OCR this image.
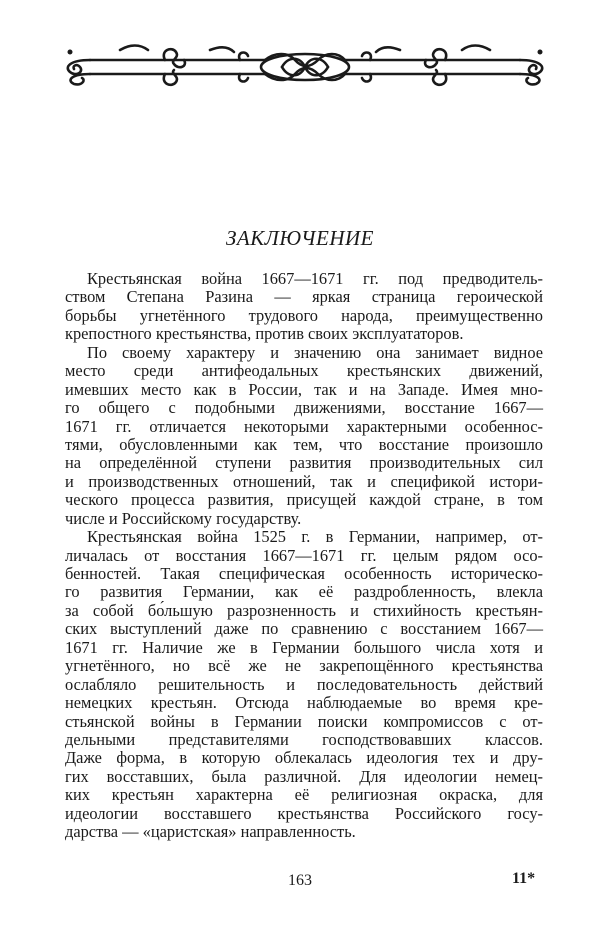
ЗАКЛЮЧЕНИЕ

Крестьянская война 1667—1671 гг. под предводитель-
ством Степана Разина — яркая страница героической
борьбы угнетённого трудового народа, преимущественно
крепостного крестьянства, против своих эксплуататоров.

По своему характеру и значению она занимает видное
место среди антифеодальных крестьянских движений,
имевших место как в России, так и на Западе. Имея мно-
го общего с подобными движениями, восстание 1667—
1671 гг. отличается некоторыми характерными особеннос-
тями, обусловленными как тем, что восстание произошло
на определённой ступени развития производительных сил
и производственных отношений, так и спецификой истори-
ческого процесса развития, присущей каждой стране, в том
числе и Российскому государству.

Крестьянская война 1525 г. в Германии, например, от-
личалась от восстания 1667—1671 гг. целым рядом осо-
бенностей. Такая специфическая особенность историческо-
го развития Германии, как её раздробленность, влекла
за собой бо́льшую разрозненность и стихийность крестьян-
ских выступлений даже по сравнению с восстанием 1667—
1671 гг. Наличие же в Германии большого числа хотя и
угнетённого, но всё же не закрепощённого крестьянства
ослабляло решительность и последовательность действий
немецких крестьян. Отсюда наблюдаемые во время кре-
стьянской войны в Германии поиски компромиссов с от-
дельными представителями господствовавших классов.
Даже форма, в которую облекалась идеология тех и дру-
гих восставших, была различной. Для идеологии немец-
ких крестьян характерна её религиозная окраска, для
идеологии восставшего крестьянства Российского госу-
дарства — «царистская» направленность.

163	11*
